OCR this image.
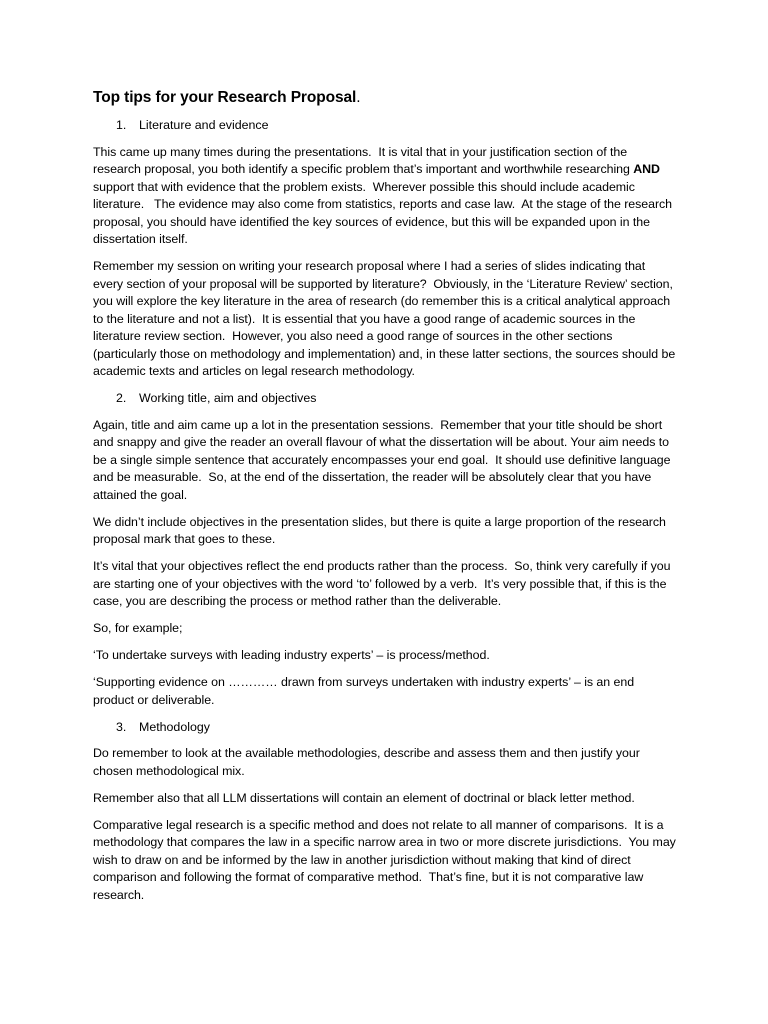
Top tips for your Research Proposal.
1.	Literature and evidence

This came up many times during the presentations.  It is vital that in your justification section of the research proposal, you both identify a specific problem that’s important and worthwhile researching AND support that with evidence that the problem exists.  Wherever possible this should include academic literature.   The evidence may also come from statistics, reports and case law.  At the stage of the research proposal, you should have identified the key sources of evidence, but this will be expanded upon in the dissertation itself.

Remember my session on writing your research proposal where I had a series of slides indicating that every section of your proposal will be supported by literature?  Obviously, in the ‘Literature Review’ section, you will explore the key literature in the area of research (do remember this is a critical analytical approach to the literature and not a list).  It is essential that you have a good range of academic sources in the literature review section.  However, you also need a good range of sources in the other sections (particularly those on methodology and implementation) and, in these latter sections, the sources should be academic texts and articles on legal research methodology.

2.	Working title, aim and objectives

Again, title and aim came up a lot in the presentation sessions.  Remember that your title should be short and snappy and give the reader an overall flavour of what the dissertation will be about. Your aim needs to be a single simple sentence that accurately encompasses your end goal.  It should use definitive language and be measurable.  So, at the end of the dissertation, the reader will be absolutely clear that you have attained the goal.

We didn’t include objectives in the presentation slides, but there is quite a large proportion of the research proposal mark that goes to these.

It’s vital that your objectives reflect the end products rather than the process.  So, think very carefully if you are starting one of your objectives with the word ‘to’ followed by a verb.  It’s very possible that, if this is the case, you are describing the process or method rather than the deliverable.

So, for example;

‘To undertake surveys with leading industry experts’ – is process/method.

‘Supporting evidence on ………… drawn from surveys undertaken with industry experts’ – is an end product or deliverable.

3.	Methodology

Do remember to look at the available methodologies, describe and assess them and then justify your chosen methodological mix.

Remember also that all LLM dissertations will contain an element of doctrinal or black letter method.

Comparative legal research is a specific method and does not relate to all manner of comparisons.  It is a methodology that compares the law in a specific narrow area in two or more discrete jurisdictions.  You may wish to draw on and be informed by the law in another jurisdiction without making that kind of direct comparison and following the format of comparative method.  That’s fine, but it is not comparative law research.
